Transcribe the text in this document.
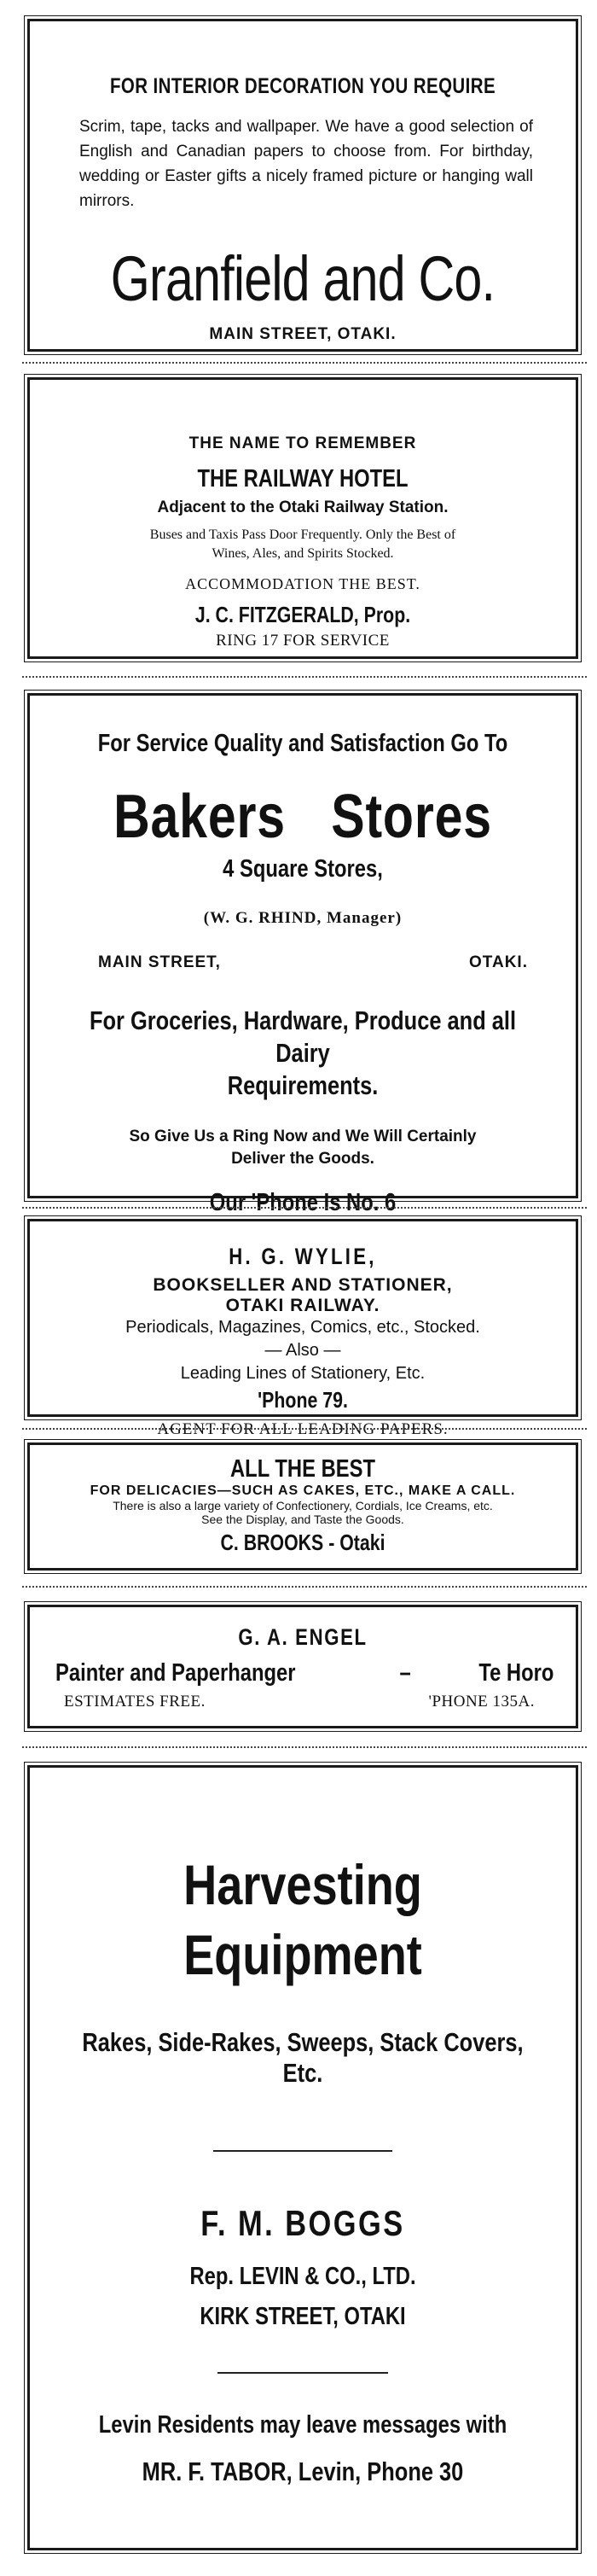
FOR INTERIOR DECORATION YOU REQUIRE
Scrim, tape, tacks and wallpaper. We have a good selection of English and Canadian papers to choose from. For birthday, wedding or Easter gifts a nicely framed picture or hanging wall mirrors.
Granfield and Co.
MAIN STREET, OTAKI.
THE NAME TO REMEMBER
THE RAILWAY HOTEL
Adjacent to the Otaki Railway Station.
Buses and Taxis Pass Door Frequently. Only the Best of
Wines, Ales, and Spirits Stocked.
ACCOMMODATION THE BEST.
J. C. FITZGERALD, Prop.
RING 17 FOR SERVICE
For Service Quality and Satisfaction Go To
Bakers Stores
4 Square Stores,
(W. G. RHIND, Manager)
MAIN STREET,	OTAKI.
For Groceries, Hardware, Produce and all Dairy
Requirements.
So Give Us a Ring Now and We Will Certainly
Deliver the Goods.
Our 'Phone Is No. 6
H. G. WYLIE,
BOOKSELLER AND STATIONER,
OTAKI RAILWAY.
Periodicals, Magazines, Comics, etc., Stocked.
— Also —
Leading Lines of Stationery, Etc.
'Phone 79.
AGENT FOR ALL LEADING PAPERS.
ALL THE BEST
FOR DELICACIES—SUCH AS CAKES, ETC., MAKE A CALL.
There is also a large variety of Confectionery, Cordials, Ice Creams, etc.
See the Display, and Taste the Goods.
C. BROOKS - Otaki
G. A. ENGEL
Painter and Paperhanger	–	Te Horo
ESTIMATES FREE.	'PHONE 135A.
Harvesting
Equipment
Rakes, Side-Rakes, Sweeps, Stack Covers, Etc.
F. M. BOGGS
Rep. LEVIN & CO., LTD.
KIRK STREET, OTAKI
Levin Residents may leave messages with
MR. F. TABOR, Levin, Phone 30
